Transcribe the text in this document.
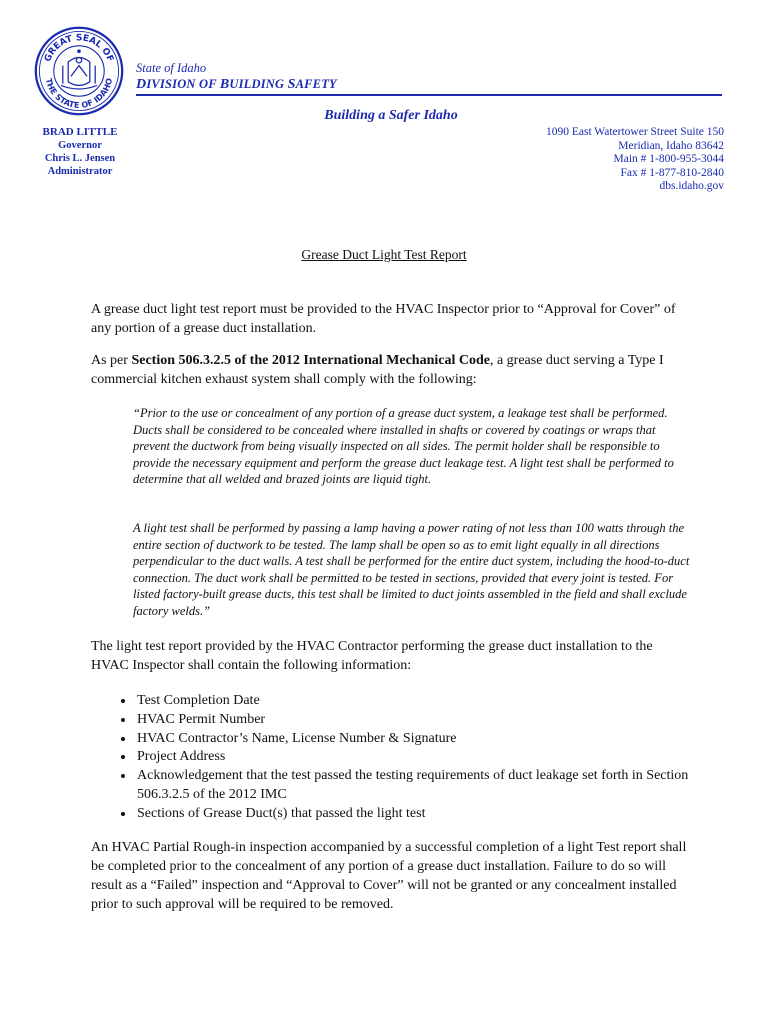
GREAT SEAL OF
THE STATE OF IDAHO
State of Idaho
DIVISION OF BUILDING SAFETY
Building a Safer Idaho
BRAD LITTLE
Governor
Chris L. Jensen
Administrator
1090 East Watertower Street Suite 150
Meridian, Idaho 83642
Main # 1-800-955-3044
Fax # 1-877-810-2840
dbs.idaho.gov
Grease Duct Light Test Report
A grease duct light test report must be provided to the HVAC Inspector prior to “Approval for Cover” of any portion of a grease duct installation.
As per Section 506.3.2.5 of the 2012 International Mechanical Code, a grease duct serving a Type I commercial kitchen exhaust system shall comply with the following:
“Prior to the use or concealment of any portion of a grease duct system, a leakage test shall be performed. Ducts shall be considered to be concealed where installed in shafts or covered by coatings or wraps that prevent the ductwork from being visually inspected on all sides. The permit holder shall be responsible to provide the necessary equipment and perform the grease duct leakage test. A light test shall be performed to determine that all welded and brazed joints are liquid tight.
A light test shall be performed by passing a lamp having a power rating of not less than 100 watts through the entire section of ductwork to be tested. The lamp shall be open so as to emit light equally in all directions perpendicular to the duct walls. A test shall be performed for the entire duct system, including the hood-to-duct connection. The duct work shall be permitted to be tested in sections, provided that every joint is tested. For listed factory-built grease ducts, this test shall be limited to duct joints assembled in the field and shall exclude factory welds.”
The light test report provided by the HVAC Contractor performing the grease duct installation to the HVAC Inspector shall contain the following information:
• Test Completion Date
• HVAC Permit Number
• HVAC Contractor’s Name, License Number & Signature
• Project Address
• Acknowledgement that the test passed the testing requirements of duct leakage set forth in Section 506.3.2.5 of the 2012 IMC
• Sections of Grease Duct(s) that passed the light test
An HVAC Partial Rough-in inspection accompanied by a successful completion of a light Test report shall be completed prior to the concealment of any portion of a grease duct installation. Failure to do so will result as a “Failed” inspection and “Approval to Cover” will not be granted or any concealment installed prior to such approval will be required to be removed.
